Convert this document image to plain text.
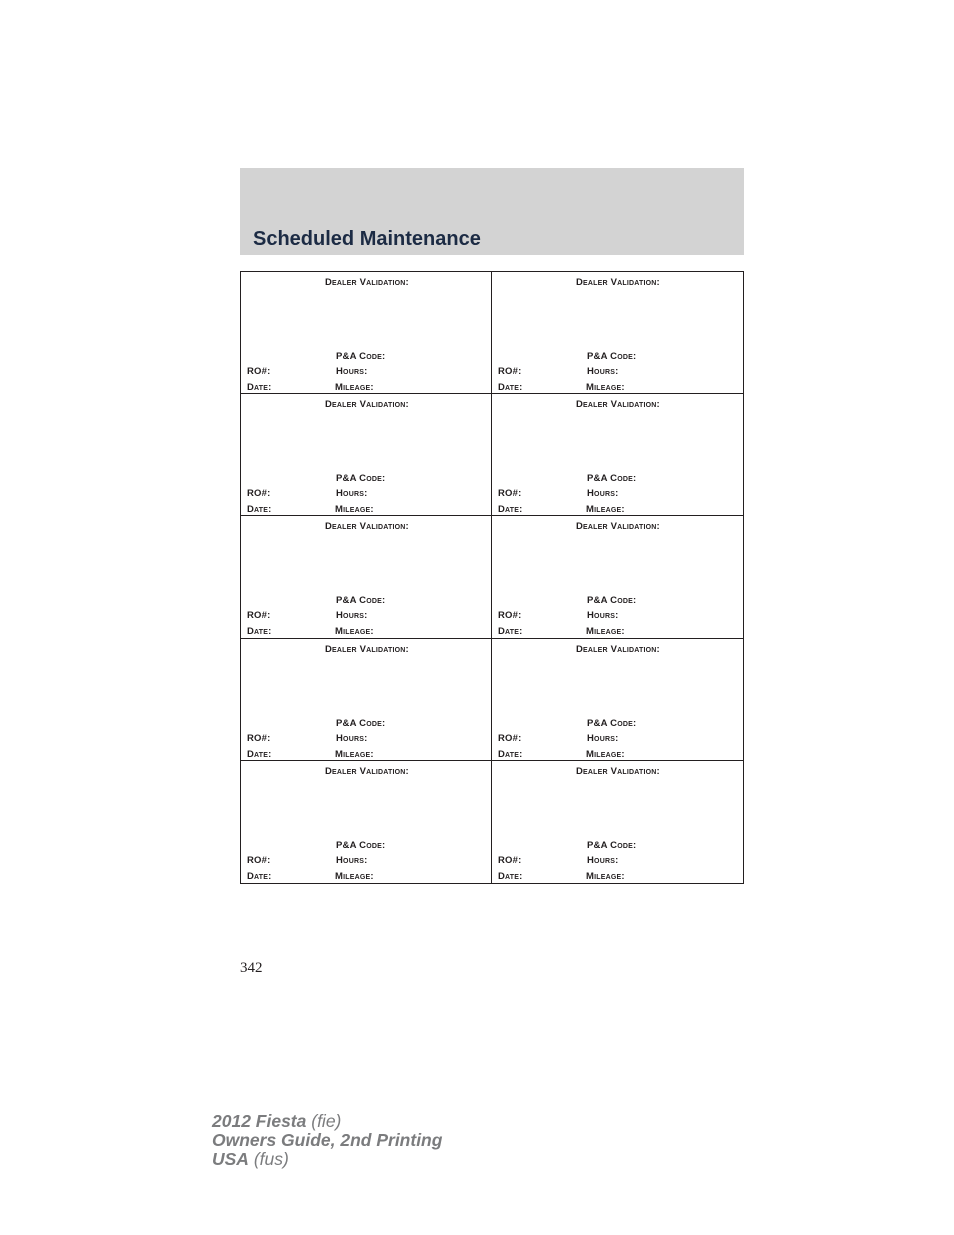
Scheduled Maintenance
Dealer Validation:
P&A Code:
RO#:	Hours:
Date:	Mileage:
Dealer Validation:
P&A Code:
RO#:	Hours:
Date:	Mileage:
Dealer Validation:
P&A Code:
RO#:	Hours:
Date:	Mileage:
Dealer Validation:
P&A Code:
RO#:	Hours:
Date:	Mileage:
Dealer Validation:
P&A Code:
RO#:	Hours:
Date:	Mileage:
Dealer Validation:
P&A Code:
RO#:	Hours:
Date:	Mileage:
Dealer Validation:
P&A Code:
RO#:	Hours:
Date:	Mileage:
Dealer Validation:
P&A Code:
RO#:	Hours:
Date:	Mileage:
Dealer Validation:
P&A Code:
RO#:	Hours:
Date:	Mileage:
Dealer Validation:
P&A Code:
RO#:	Hours:
Date:	Mileage:
342
2012 Fiesta (fie)
Owners Guide, 2nd Printing
USA (fus)
